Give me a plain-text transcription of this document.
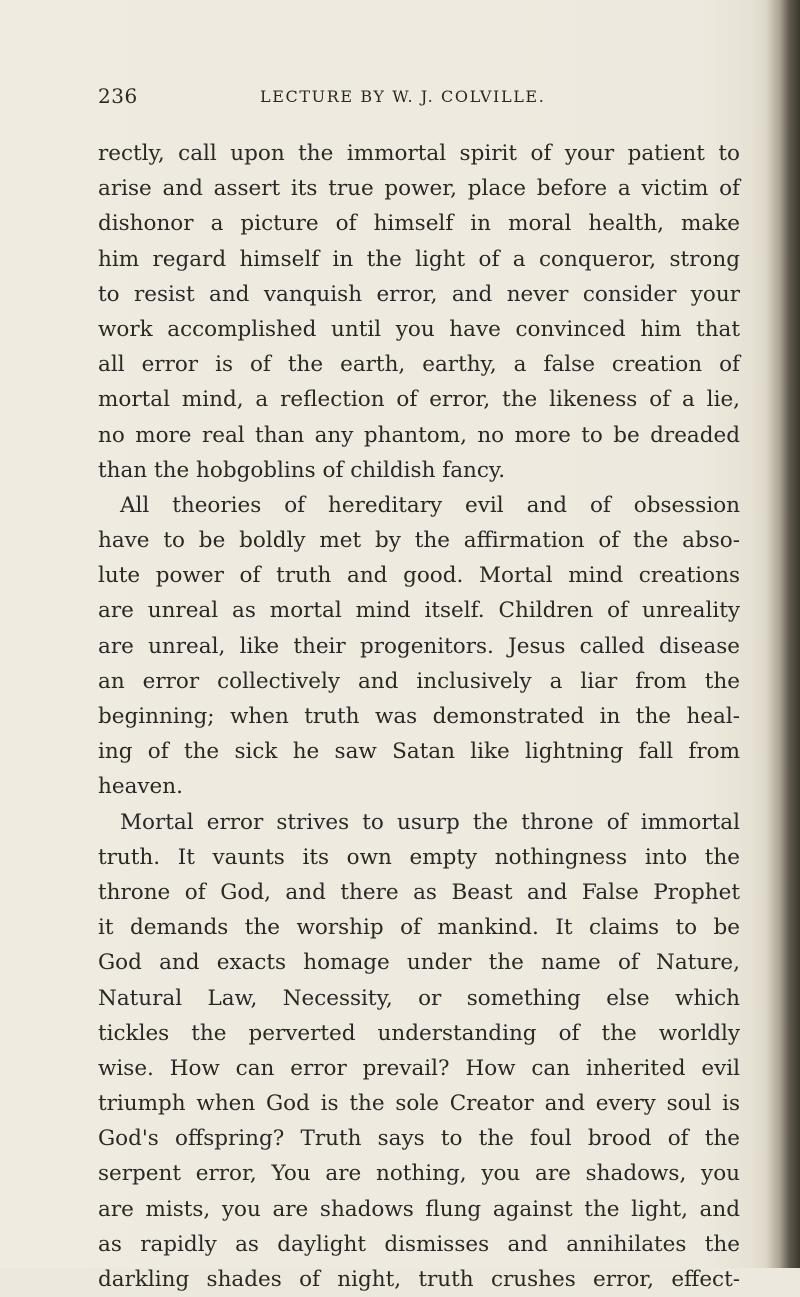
236	LECTURE BY W. J. COLVILLE.
rectly, call upon the immortal spirit of your patient to
arise and assert its true power, place before a victim of
dishonor a picture of himself in moral health, make
him regard himself in the light of a conqueror, strong
to resist and vanquish error, and never consider your
work accomplished until you have convinced him that
all error is of the earth, earthy, a false creation of
mortal mind, a reflection of error, the likeness of a lie,
no more real than any phantom, no more to be dreaded
than the hobgoblins of childish fancy.
All theories of hereditary evil and of obsession
have to be boldly met by the affirmation of the abso-
lute power of truth and good. Mortal mind creations
are unreal as mortal mind itself. Children of unreality
are unreal, like their progenitors. Jesus called disease
an error collectively and inclusively a liar from the
beginning; when truth was demonstrated in the heal-
ing of the sick he saw Satan like lightning fall from
heaven.
Mortal error strives to usurp the throne of immortal
truth. It vaunts its own empty nothingness into the
throne of God, and there as Beast and False Prophet
it demands the worship of mankind. It claims to be
God and exacts homage under the name of Nature,
Natural Law, Necessity, or something else which
tickles the perverted understanding of the worldly
wise. How can error prevail? How can inherited evil
triumph when God is the sole Creator and every soul is
God's offspring? Truth says to the foul brood of the
serpent error, You are nothing, you are shadows, you
are mists, you are shadows flung against the light, and
as rapidly as daylight dismisses and annihilates the
darkling shades of night, truth crushes error, effect-
